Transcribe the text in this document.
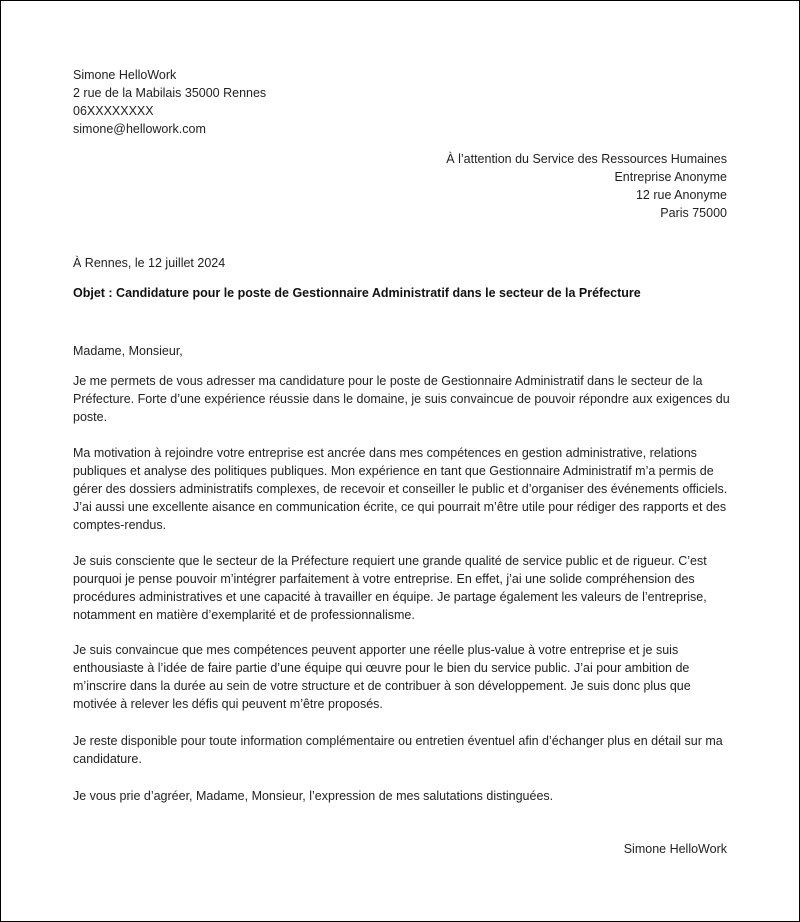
Simone HelloWork
2 rue de la Mabilais 35000 Rennes
06XXXXXXXX
simone@hellowork.com
À l’attention du Service des Ressources Humaines
Entreprise Anonyme
12 rue Anonyme
Paris 75000
À Rennes, le 12 juillet 2024
Objet : Candidature pour le poste de Gestionnaire Administratif dans le secteur de la Préfecture
Madame, Monsieur,

Je me permets de vous adresser ma candidature pour le poste de Gestionnaire Administratif dans le secteur de la Préfecture. Forte d’une expérience réussie dans le domaine, je suis convaincue de pouvoir répondre aux exigences du poste.

Ma motivation à rejoindre votre entreprise est ancrée dans mes compétences en gestion administrative, relations publiques et analyse des politiques publiques. Mon expérience en tant que Gestionnaire Administratif m’a permis de gérer des dossiers administratifs complexes, de recevoir et conseiller le public et d’organiser des événements officiels. J’ai aussi une excellente aisance en communication écrite, ce qui pourrait m’être utile pour rédiger des rapports et des comptes-rendus.

Je suis consciente que le secteur de la Préfecture requiert une grande qualité de service public et de rigueur. C’est pourquoi je pense pouvoir m’intégrer parfaitement à votre entreprise. En effet, j’ai une solide compréhension des procédures administratives et une capacité à travailler en équipe. Je partage également les valeurs de l’entreprise, notamment en matière d’exemplarité et de professionnalisme.

Je suis convaincue que mes compétences peuvent apporter une réelle plus-value à votre entreprise et je suis enthousiaste à l’idée de faire partie d’une équipe qui œuvre pour le bien du service public. J’ai pour ambition de m’inscrire dans la durée au sein de votre structure et de contribuer à son développement. Je suis donc plus que motivée à relever les défis qui peuvent m’être proposés.

Je reste disponible pour toute information complémentaire ou entretien éventuel afin d’échanger plus en détail sur ma candidature.

Je vous prie d’agréer, Madame, Monsieur, l’expression de mes salutations distinguées.

Simone HelloWork
